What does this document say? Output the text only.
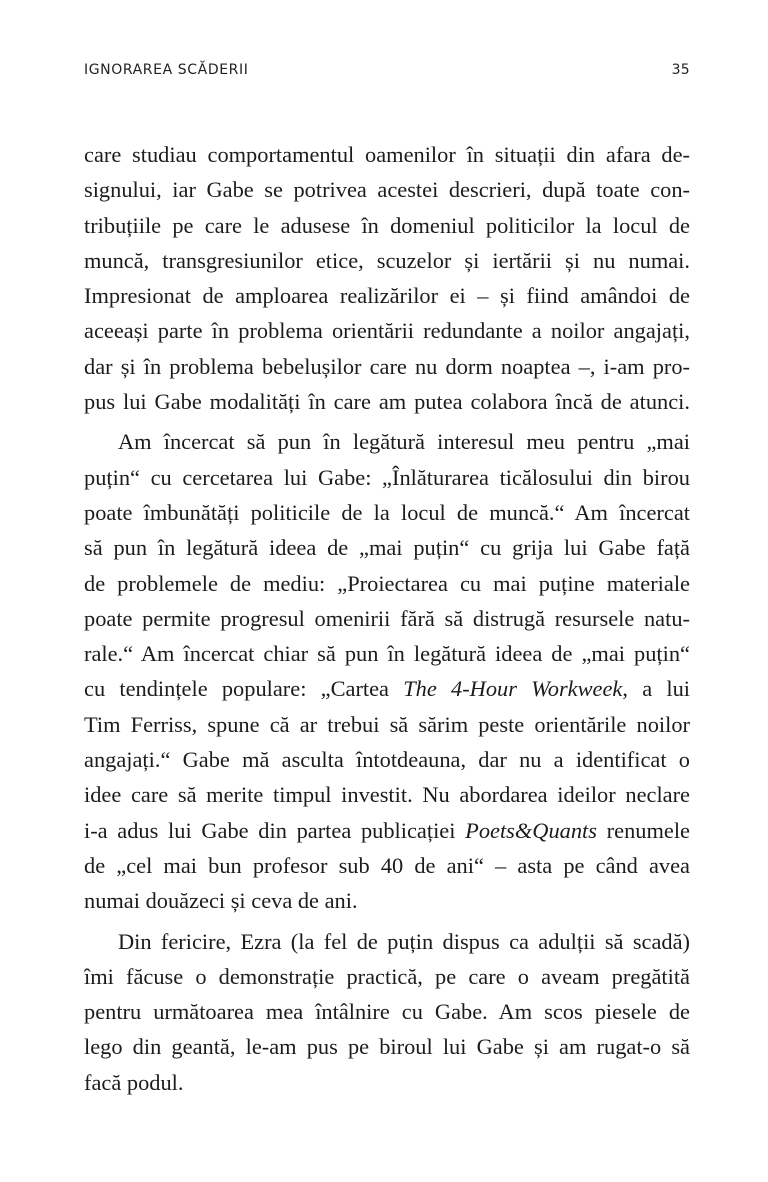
IGNORAREA SCĂDERII	35
care studiau comportamentul oamenilor în situații din afara de-
signului, iar Gabe se potrivea acestei descrieri, după toate con-
tribuțiile pe care le adusese în domeniul politicilor la locul de
muncă, transgresiunilor etice, scuzelor și iertării și nu numai.
Impresionat de amploarea realizărilor ei – și fiind amândoi de
aceeași parte în problema orientării redundante a noilor angajați,
dar și în problema bebelușilor care nu dorm noaptea –, i-am pro-
pus lui Gabe modalități în care am putea colabora încă de atunci.
Am încercat să pun în legătură interesul meu pentru „mai
puțin“ cu cercetarea lui Gabe: „Înlăturarea ticălosului din birou
poate îmbunătăți politicile de la locul de muncă.“ Am încercat
să pun în legătură ideea de „mai puțin“ cu grija lui Gabe față
de problemele de mediu: „Proiectarea cu mai puține materiale
poate permite progresul omenirii fără să distrugă resursele natu-
rale.“ Am încercat chiar să pun în legătură ideea de „mai puțin“
cu tendințele populare: „Cartea The 4-Hour Workweek, a lui
Tim Ferriss, spune că ar trebui să sărim peste orientările noilor
angajați.“ Gabe mă asculta întotdeauna, dar nu a identificat o
idee care să merite timpul investit. Nu abordarea ideilor neclare
i-a adus lui Gabe din partea publicației Poets&Quants renumele
de „cel mai bun profesor sub 40 de ani“ – asta pe când avea
numai douăzeci și ceva de ani.
Din fericire, Ezra (la fel de puțin dispus ca adulții să scadă)
îmi făcuse o demonstrație practică, pe care o aveam pregătită
pentru următoarea mea întâlnire cu Gabe. Am scos piesele de
lego din geantă, le-am pus pe biroul lui Gabe și am rugat-o să
facă podul.
